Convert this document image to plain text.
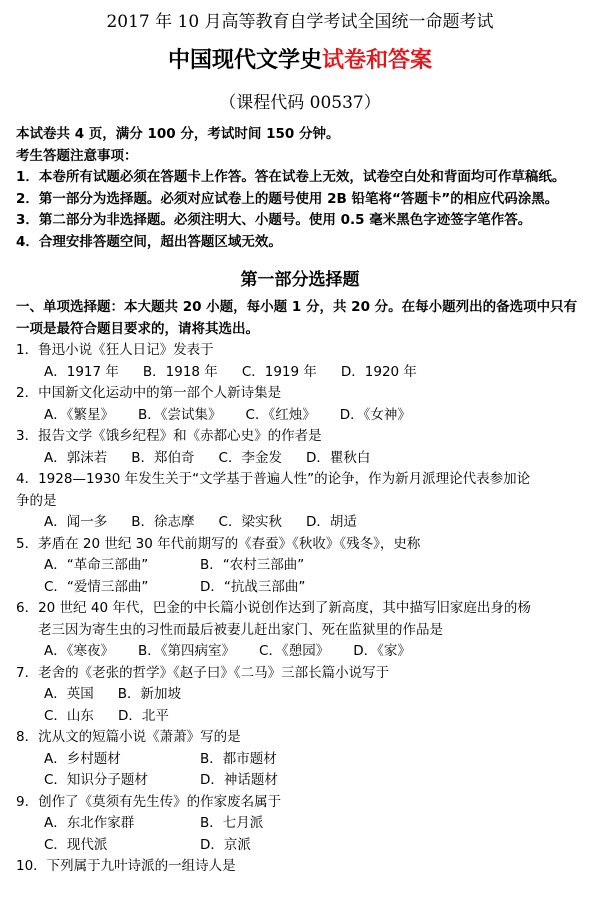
2017 年 10 月高等教育自学考试全国统一命题考试
中国现代文学史试卷和答案
（课程代码 00537）

本试卷共 4 页，满分 100 分，考试时间 150 分钟。

考生答题注意事项：

1．本卷所有试题必须在答题卡上作答。答在试卷上无效，试卷空白处和背面均可作草稿纸。

2．第一部分为选择题。必须对应试卷上的题号使用 2B 铅笔将“答题卡”的相应代码涂黑。

3．第二部分为非选择题。必须注明大、小题号。使用 0.5 毫米黑色字迹签字笔作答。

4．合理安排答题空间，超出答题区域无效。

第一部分选择题

一、单项选择题：本大题共 20 小题，每小题 1 分，共 20 分。在每小题列出的备选项中只有一项是最符合题目要求的，请将其选出。

1．鲁迅小说《狂人日记》发表于
A．1917 年 B．1918 年 C．1919 年 D．1920 年
2．中国新文化运动中的第一部个人新诗集是
A．《繁星》 B．《尝试集》 C．《红烛》 D．《女神》
3．报告文学《饿乡纪程》和《赤都心史》的作者是
A．郭沫若 B．郑伯奇 C．李金发 D．瞿秋白
4．1928—1930 年发生关于“文学基于普遍人性”的论争，作为新月派理论代表参加论
争的是
A．闻一多 B．徐志摩 C．梁实秋 D．胡适
5．茅盾在 20 世纪 30 年代前期写的《春蚕》《秋收》《残冬》，史称
A．“革命三部曲”	B．“农村三部曲”
C．“爱情三部曲”	D．“抗战三部曲”
6．20 世纪 40 年代，巴金的中长篇小说创作达到了新高度，其中描写旧家庭出身的杨
老三因为寄生虫的习性而最后被妻儿赶出家门、死在监狱里的作品是
A．《寒夜》 B．《第四病室》 C．《憩园》 D．《家》
7．老舍的《老张的哲学》《赵子曰》《二马》三部长篇小说写于
A．英国 B．新加坡
C．山东 D．北平
8．沈从文的短篇小说《萧萧》写的是
A．乡村题材	B．都市题材
C．知识分子题材	D．神话题材
9．创作了《莫须有先生传》的作家废名属于
A．东北作家群	B．七月派
C．现代派	D．京派
10．下列属于九叶诗派的一组诗人是
